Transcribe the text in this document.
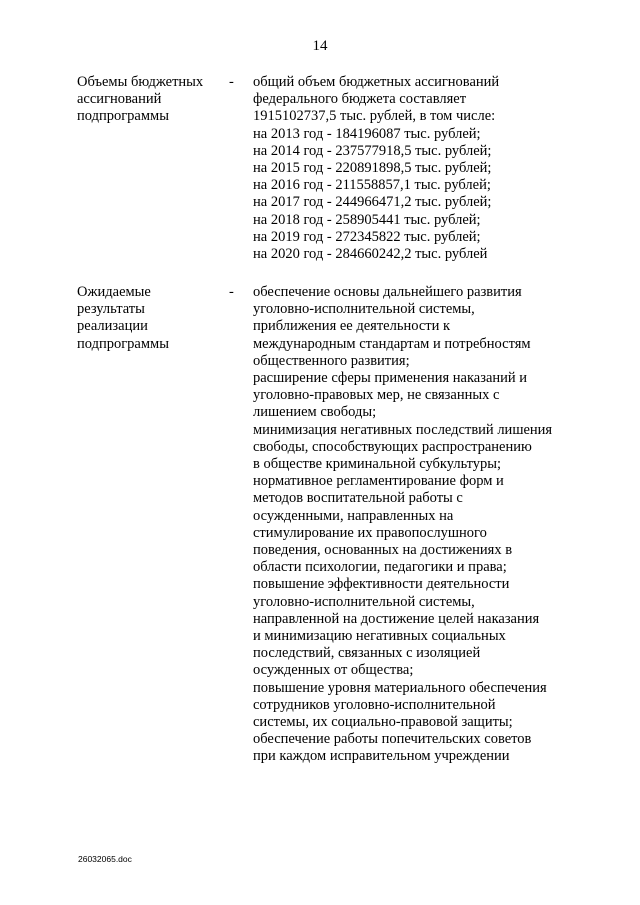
14
Объемы бюджетных
ассигнований
подпрограммы
- общий объем бюджетных ассигнований
федерального бюджета составляет
1915102737,5 тыс. рублей, в том числе:
на 2013 год - 184196087 тыс. рублей;
на 2014 год - 237577918,5 тыс. рублей;
на 2015 год - 220891898,5 тыс. рублей;
на 2016 год - 211558857,1 тыс. рублей;
на 2017 год - 244966471,2 тыс. рублей;
на 2018 год - 258905441 тыс. рублей;
на 2019 год - 272345822 тыс. рублей;
на 2020 год - 284660242,2 тыс. рублей
Ожидаемые
результаты
реализации
подпрограммы
- обеспечение основы дальнейшего развития
уголовно-исполнительной системы,
приближения ее деятельности к
международным стандартам и потребностям
общественного развития;
расширение сферы применения наказаний и
уголовно-правовых мер, не связанных с
лишением свободы;
минимизация негативных последствий лишения
свободы, способствующих распространению
в обществе криминальной субкультуры;
нормативное регламентирование форм и
методов воспитательной работы с
осужденными, направленных на
стимулирование их правопослушного
поведения, основанных на достижениях в
области психологии, педагогики и права;
повышение эффективности деятельности
уголовно-исполнительной системы,
направленной на достижение целей наказания
и минимизацию негативных социальных
последствий, связанных с изоляцией
осужденных от общества;
повышение уровня материального обеспечения
сотрудников уголовно-исполнительной
системы, их социально-правовой защиты;
обеспечение работы попечительских советов
при каждом исправительном учреждении
26032065.doc
